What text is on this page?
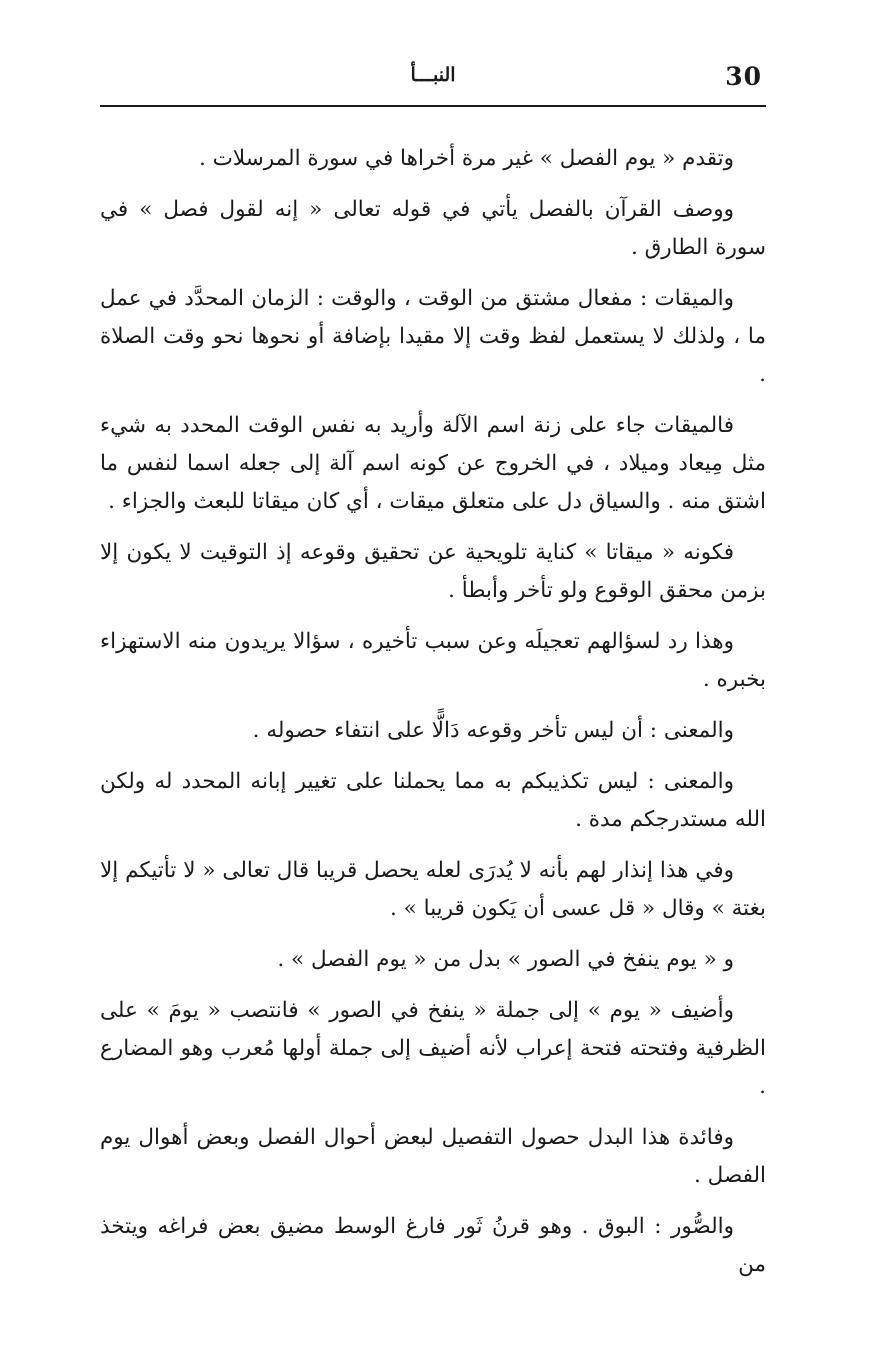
30
النبـــأ

وتقدم « يوم الفصل » غير مرة أخراها في سورة المرسلات .

ووصف القرآن بالفصل يأتي في قوله تعالى « إنه لقول فصل » في سورة الطارق .

والميقات : مفعال مشتق من الوقت ، والوقت : الزمان المحدَّد في عمل ما ، ولذلك لا يستعمل لفظ وقت إلا مقيدا بإضافة أو نحوها نحو وقت الصلاة .

فالميقات جاء على زنة اسم الآلة وأريد به نفس الوقت المحدد به شيء مثل مِيعاد وميلاد ، في الخروج عن كونه اسم آلة إلى جعله اسما لنفس ما اشتق منه . والسياق دل على متعلق ميقات ، أي كان ميقاتا للبعث والجزاء .

فكونه « ميقاتا » كناية تلويحية عن تحقيق وقوعه إذ التوقيت لا يكون إلا بزمن محقق الوقوع ولو تأخر وأبطأ .

وهذا رد لسؤالهم تعجيلَه وعن سبب تأخيره ، سؤالا يريدون منه الاستهزاء بخبره .

والمعنى : أن ليس تأخر وقوعه دَالًّا على انتفاء حصوله .

والمعنى : ليس تكذيبكم به مما يحملنا على تغيير إبانه المحدد له ولكن الله مستدرجكم مدة .

وفي هذا إنذار لهم بأنه لا يُدرَى لعله يحصل قريبا قال تعالى « لا تأتيكم إلا بغتة » وقال « قل عسى أن يَكون قريبا » .

و « يوم ينفخ في الصور » بدل من « يوم الفصل » .

وأضيف « يوم » إلى جملة « ينفخ في الصور » فانتصب « يومَ » على الظرفية وفتحته فتحة إعراب لأنه أضيف إلى جملة أولها مُعرب وهو المضارع .

وفائدة هذا البدل حصول التفصيل لبعض أحوال الفصل وبعض أهوال يوم الفصل .

والصُّور : البوق . وهو قرنُ ثَور فارغ الوسط مضيق بعض فراغه ويتخذ من
